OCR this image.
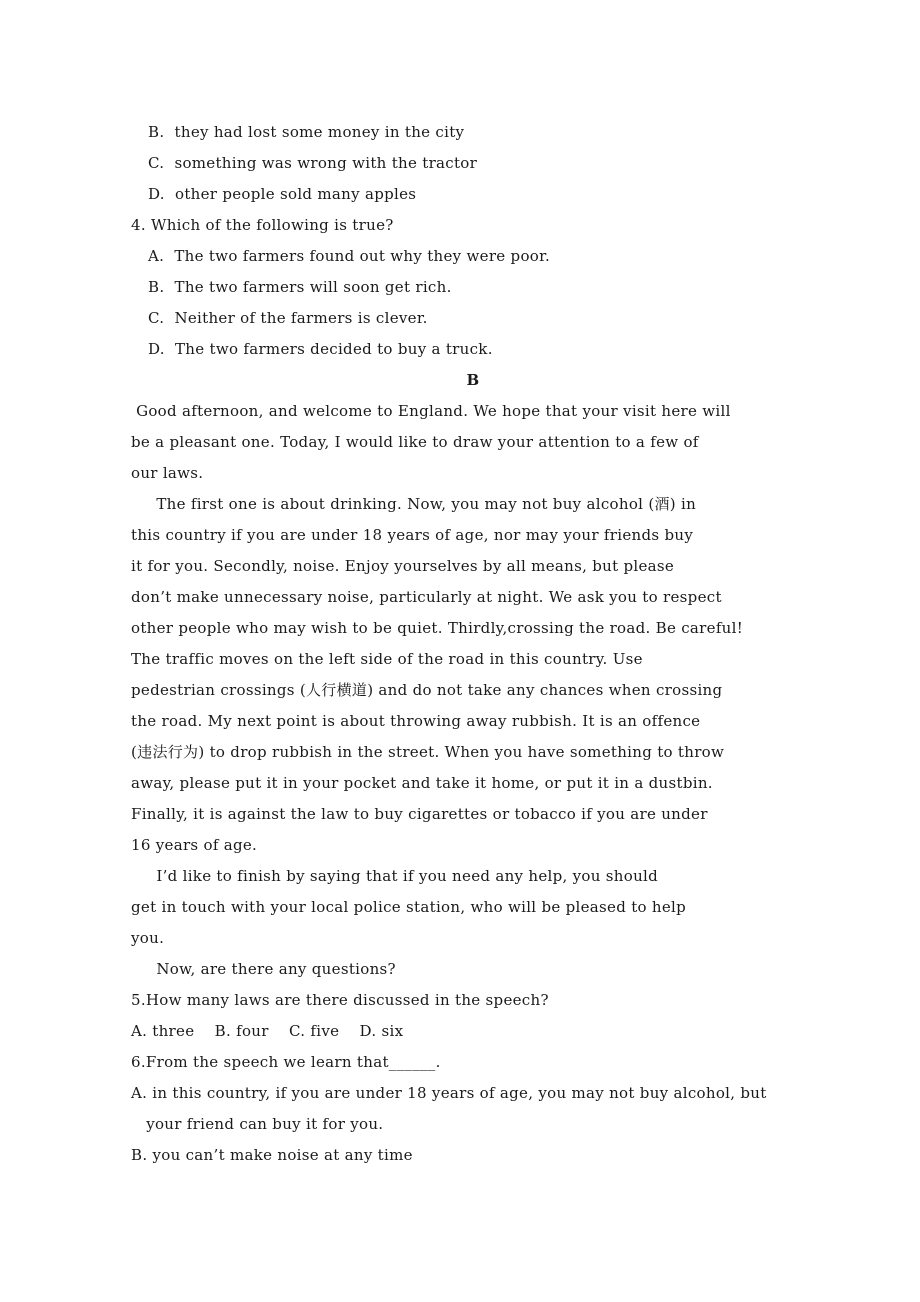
B.  they had lost some money in the city
C.  something was wrong with the tractor
D.  other people sold many apples
4. Which of the following is true?
A.  The two farmers found out why they were poor.
B.  The two farmers will soon get rich.
C.  Neither of the farmers is clever.
D.  The two farmers decided to buy a truck.
B
Good afternoon, and welcome to England. We hope that your visit here will
be a pleasant one. Today, I would like to draw your attention to a few of
our laws.
The first one is about drinking. Now, you may not buy alcohol (酒) in
this country if you are under 18 years of age, nor may your friends buy
it for you. Secondly, noise. Enjoy yourselves by all means, but please
don’t make unnecessary noise, particularly at night. We ask you to respect
other people who may wish to be quiet. Thirdly,crossing the road. Be careful!
The traffic moves on the left side of the road in this country. Use
pedestrian crossings (人行横道) and do not take any chances when crossing
the road. My next point is about throwing away rubbish. It is an offence
(违法行为) to drop rubbish in the street. When you have something to throw
away, please put it in your pocket and take it home, or put it in a dustbin.
Finally, it is against the law to buy cigarettes or tobacco if you are under
16 years of age.
I’d like to finish by saying that if you need any help, you should
get in touch with your local police station, who will be pleased to help
you.
Now, are there any questions?
5.How many laws are there discussed in the speech?
A. three    B. four    C. five    D. six
6.From the speech we learn that______.
A. in this country, if you are under 18 years of age, you may not buy alcohol, but
your friend can buy it for you.
B. you can’t make noise at any time
